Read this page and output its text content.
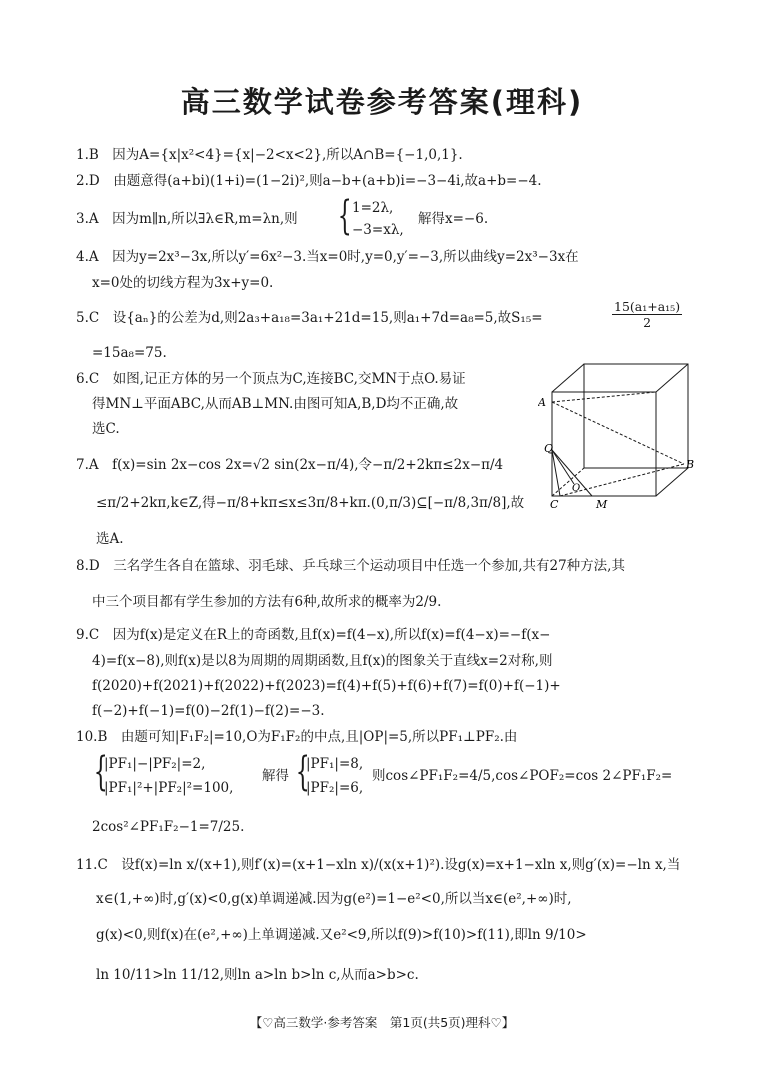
高三数学试卷参考答案(理科)
1.B　因为A={x|x²<4}={x|−2<x<2},所以A∩B={−1,0,1}.
2.D　由题意得(a+bi)(1+i)=(1−2i)²,则a−b+(a+b)i=−3−4i,故a+b=−4.
3.A　因为m∥n,所以∃λ∈R,m=λn,则 { 1=2λ,
−3=xλ,
解得x=−6.
4.A　因为y=2x³−3x,所以y′=6x²−3.当x=0时,y=0,y′=−3,所以曲线y=2x³−3x在
x=0处的切线方程为3x+y=0.
5.C　设{aₙ}的公差为d,则2a₃+a₁₈=3a₁+21d=15,则a₁+7d=a₈=5,故S₁₅=	$\frac{\text{15(a₁+a₁₅)}}{2}$
=15a₈=75.
6.C　如图,记正方体的另一个顶点为C,连接BC,交MN于点O.易证
得MN⊥平面ABC,从而AB⊥MN.由图可知A,B,D均不正确,故
选C.
A
B
Q
O
C	M
7.A　f(x)=sin 2x−cos 2x=√2 sin(2x−π/4),令−π/2+2kπ≤2x−π/4
≤π/2+2kπ,k∈Z,得−π/8+kπ≤x≤3π/8+kπ.(0,π/3)⊆[−π/8,3π/8],故
选A.
8.D　三名学生各自在篮球、羽毛球、乒乓球三个运动项目中任选一个参加,共有27种方法,其
中三个项目都有学生参加的方法有6种,故所求的概率为2/9.
9.C　因为f(x)是定义在R上的奇函数,且f(x)=f(4−x),所以f(x)=f(4−x)=−f(x−
4)=f(x−8),则f(x)是以8为周期的周期函数,且f(x)的图象关于直线x=2对称,则
f(2020)+f(2021)+f(2022)+f(2023)=f(4)+f(5)+f(6)+f(7)=f(0)+f(−1)+
f(−2)+f(−1)=f(0)−2f(1)−f(2)=−3.
10.B　由题可知|F₁F₂|=10,O为F₁F₂的中点,且|OP|=5,所以PF₁⊥PF₂.由
{
|PF₁|−|PF₂|=2,
|PF₁|²+|PF₂|²=100,
解得 {
|PF₁|=8,
|PF₂|=6,
则cos∠PF₁F₂=4/5,cos∠POF₂=cos 2∠PF₁F₂=
2cos²∠PF₁F₂−1=7/25.
11.C　设f(x)=ln x/(x+1),则f′(x)=(x+1−xln x)/(x(x+1)²).设g(x)=x+1−xln x,则g′(x)=−ln x,当
x∈(1,+∞)时,g′(x)<0,g(x)单调递减.因为g(e²)=1−e²<0,所以当x∈(e²,+∞)时,
g(x)<0,则f(x)在(e²,+∞)上单调递减.又e²<9,所以f(9)>f(10)>f(11),即ln 9/10>
ln 10/11>ln 11/12,则ln a>ln b>ln c,从而a>b>c.
【♡高三数学·参考答案　第1页(共5页)理科♡】
